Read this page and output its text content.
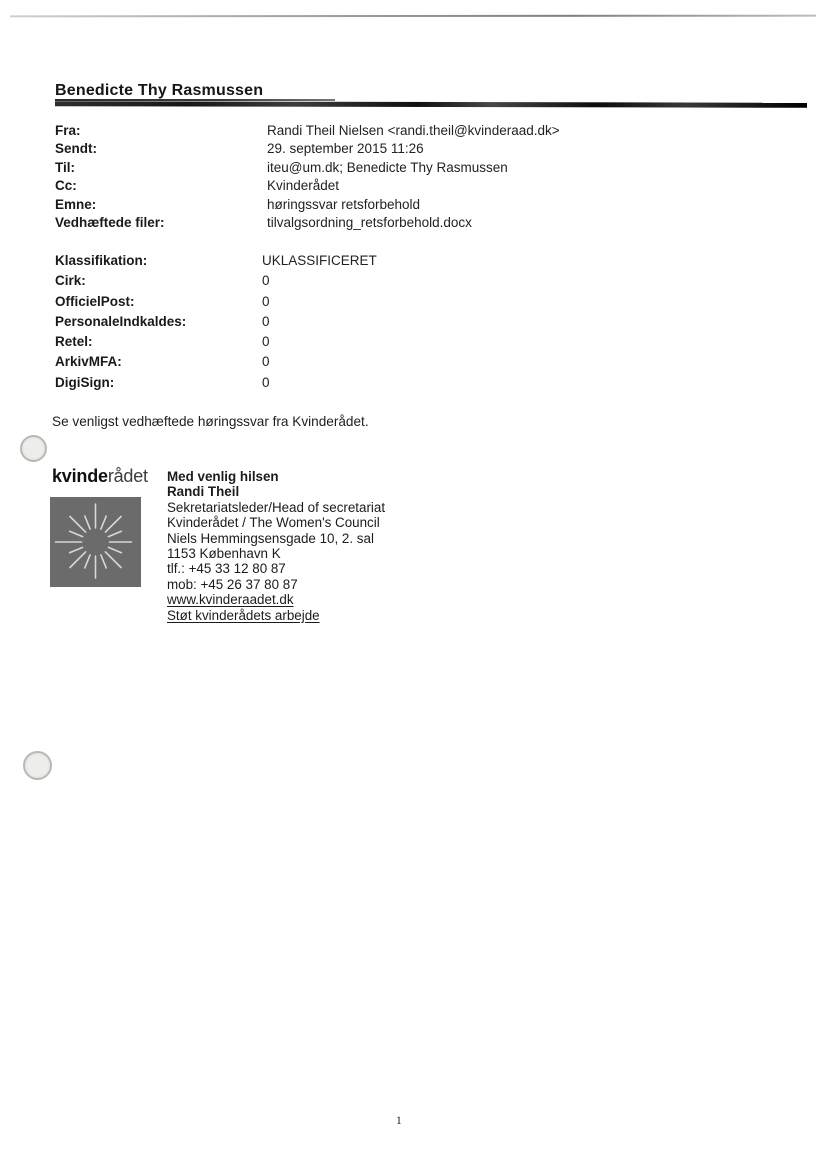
Benedicte Thy Rasmussen
Fra:	Randi Theil Nielsen <randi.theil@kvinderaad.dk>
Sendt:	29. september 2015 11:26
Til:	iteu@um.dk; Benedicte Thy Rasmussen
Cc:	Kvinderådet
Emne:	høringssvar retsforbehold
Vedhæftede filer:	tilvalgsordning_retsforbehold.docx
Klassifikation:	UKLASSIFICERET
Cirk:	0
OfficielPost:	0
PersonaleIndkaldes:	0
Retel:	0
ArkivMFA:	0
DigiSign:	0
Se venligst vedhæftede høringssvar fra Kvinderådet.
kvinderådet Med venlig hilsen
Randi Theil
Sekretariatsleder/Head of secretariat
Kvinderådet / The Women's Council
Niels Hemmingsensgade 10, 2. sal
1153 København K
tlf.: +45 33 12 80 87
mob: +45 26 37 80 87
www.kvinderaadet.dk
Støt kvinderådets arbejde
1
